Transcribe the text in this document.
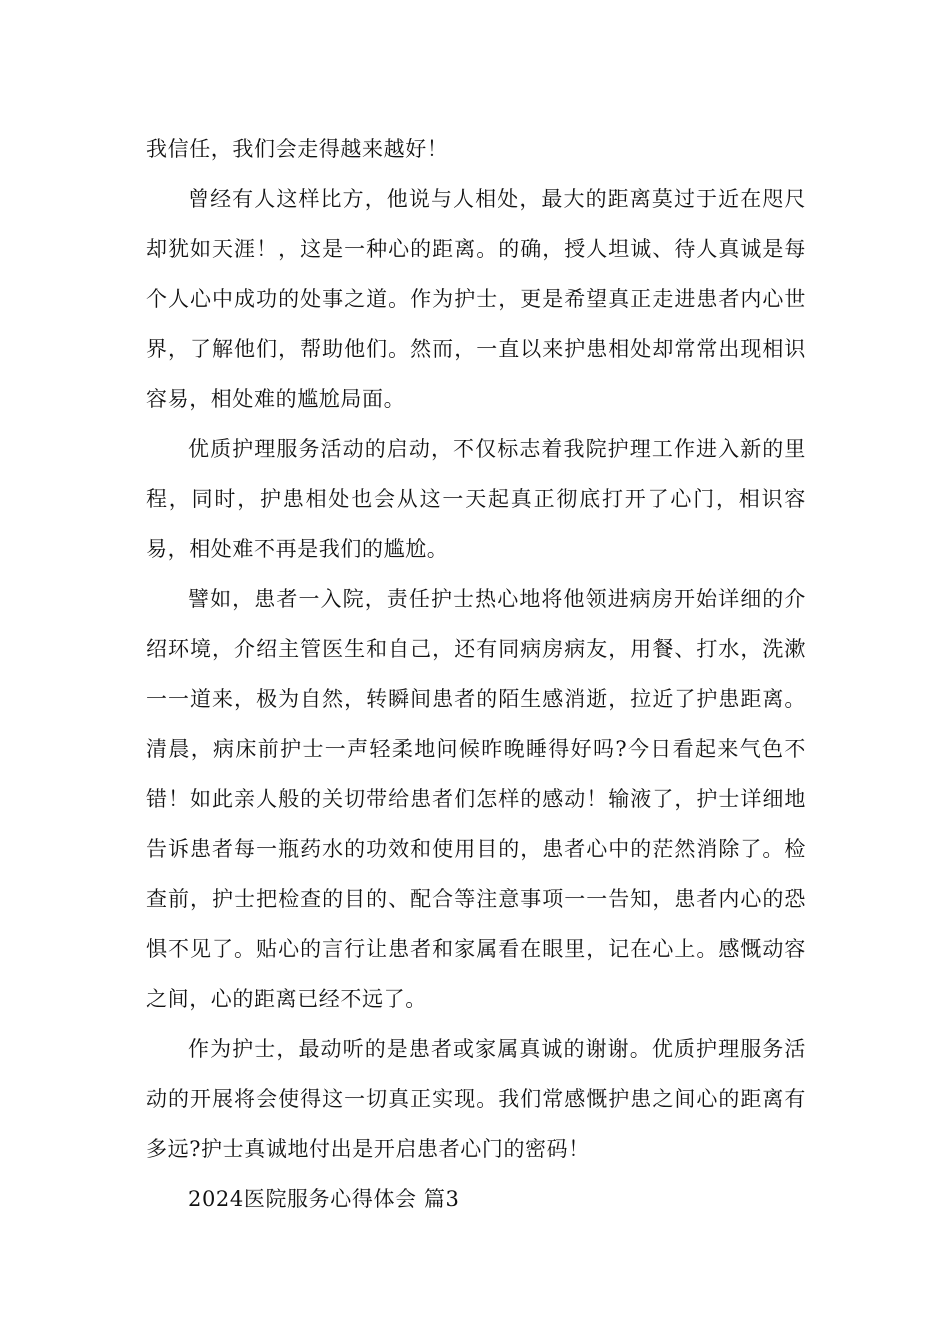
我信任，我们会走得越来越好！

曾经有人这样比方，他说与人相处，最大的距离莫过于近在咫尺却犹如天涯！，这是一种心的距离。的确，授人坦诚、待人真诚是每个人心中成功的处事之道。作为护士，更是希望真正走进患者内心世界，了解他们，帮助他们。然而，一直以来护患相处却常常出现相识容易，相处难的尴尬局面。

优质护理服务活动的启动，不仅标志着我院护理工作进入新的里程，同时，护患相处也会从这一天起真正彻底打开了心门，相识容易，相处难不再是我们的尴尬。

譬如，患者一入院，责任护士热心地将他领进病房开始详细的介绍环境，介绍主管医生和自己，还有同病房病友，用餐、打水，洗漱一一道来，极为自然，转瞬间患者的陌生感消逝，拉近了护患距离。清晨，病床前护士一声轻柔地问候昨晚睡得好吗?今日看起来气色不错！如此亲人般的关切带给患者们怎样的感动！输液了，护士详细地告诉患者每一瓶药水的功效和使用目的，患者心中的茫然消除了。检查前，护士把检查的目的、配合等注意事项一一告知，患者内心的恐惧不见了。贴心的言行让患者和家属看在眼里，记在心上。感慨动容之间，心的距离已经不远了。

作为护士，最动听的是患者或家属真诚的谢谢。优质护理服务活动的开展将会使得这一切真正实现。我们常感慨护患之间心的距离有多远?护士真诚地付出是开启患者心门的密码！

2024医院服务心得体会 篇3
